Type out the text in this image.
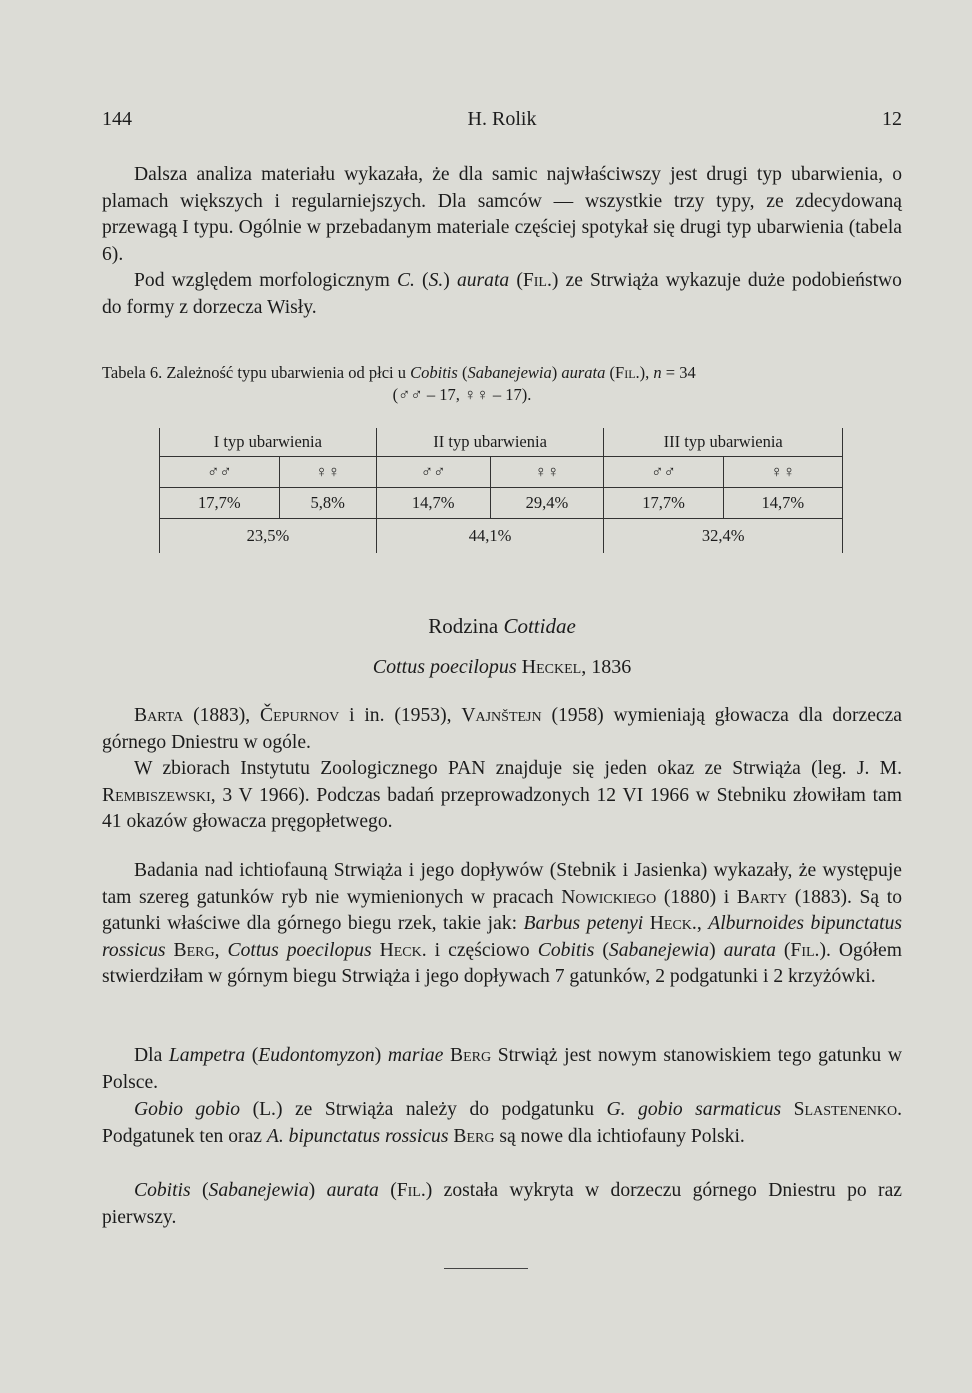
144	H. Rolik	12

Dalsza analiza materiału wykazała, że dla samic najwłaściwszy jest drugi typ ubarwienia, o plamach większych i regularniejszych. Dla samców — wszystkie trzy typy, ze zdecydowaną przewagą I typu. Ogólnie w przebadanym materiale częściej spotykał się drugi typ ubarwienia (tabela 6).

Pod względem morfologicznym C. (S.) aurata (Fil.) ze Strwiąża wykazuje duże podobieństwo do formy z dorzecza Wisły.

Tabela 6. Zależność typu ubarwienia od płci u Cobitis (Sabanejewia) aurata (Fil.), n = 34
(♂♂ – 17, ♀♀ – 17).
I typ ubarwienia		II typ ubarwienia		III typ ubarwienia	
♂♂	♀♀	♂♂	♀♀	♂♂	♀♀
17,7%	5,8%	14,7%	29,4%	17,7%	14,7%
23,5%		44,1%		32,4%	
Rodzina Cottidae
Cottus poecilopus Heckel, 1836

Barta (1883), Čepurnov i in. (1953), Vajnštejn (1958) wymieniają głowacza dla dorzecza górnego Dniestru w ogóle.

W zbiorach Instytutu Zoologicznego PAN znajduje się jeden okaz ze Strwiąża (leg. J. M. Rembiszewski, 3 V 1966). Podczas badań przeprowadzonych 12 VI 1966 w Stebniku złowiłam tam 41 okazów głowacza pręgopłetwego.

Badania nad ichtiofauną Strwiąża i jego dopływów (Stebnik i Jasienka) wykazały, że występuje tam szereg gatunków ryb nie wymienionych w pracach Nowickiego (1880) i Barty (1883). Są to gatunki właściwe dla górnego biegu rzek, takie jak: Barbus petenyi Heck., Alburnoides bipunctatus rossicus Berg, Cottus poecilopus Heck. i częściowo Cobitis (Sabanejewia) aurata (Fil.). Ogółem stwierdziłam w górnym biegu Strwiąża i jego dopływach 7 gatunków, 2 podgatunki i 2 krzyżówki.

Dla Lampetra (Eudontomyzon) mariae Berg Strwiąż jest nowym stanowiskiem tego gatunku w Polsce.

Gobio gobio (L.) ze Strwiąża należy do podgatunku G. gobio sarmaticus Slastenenko. Podgatunek ten oraz A. bipunctatus rossicus Berg są nowe dla ichtiofauny Polski.

Cobitis (Sabanejewia) aurata (Fil.) została wykryta w dorzeczu górnego Dniestru po raz pierwszy.
